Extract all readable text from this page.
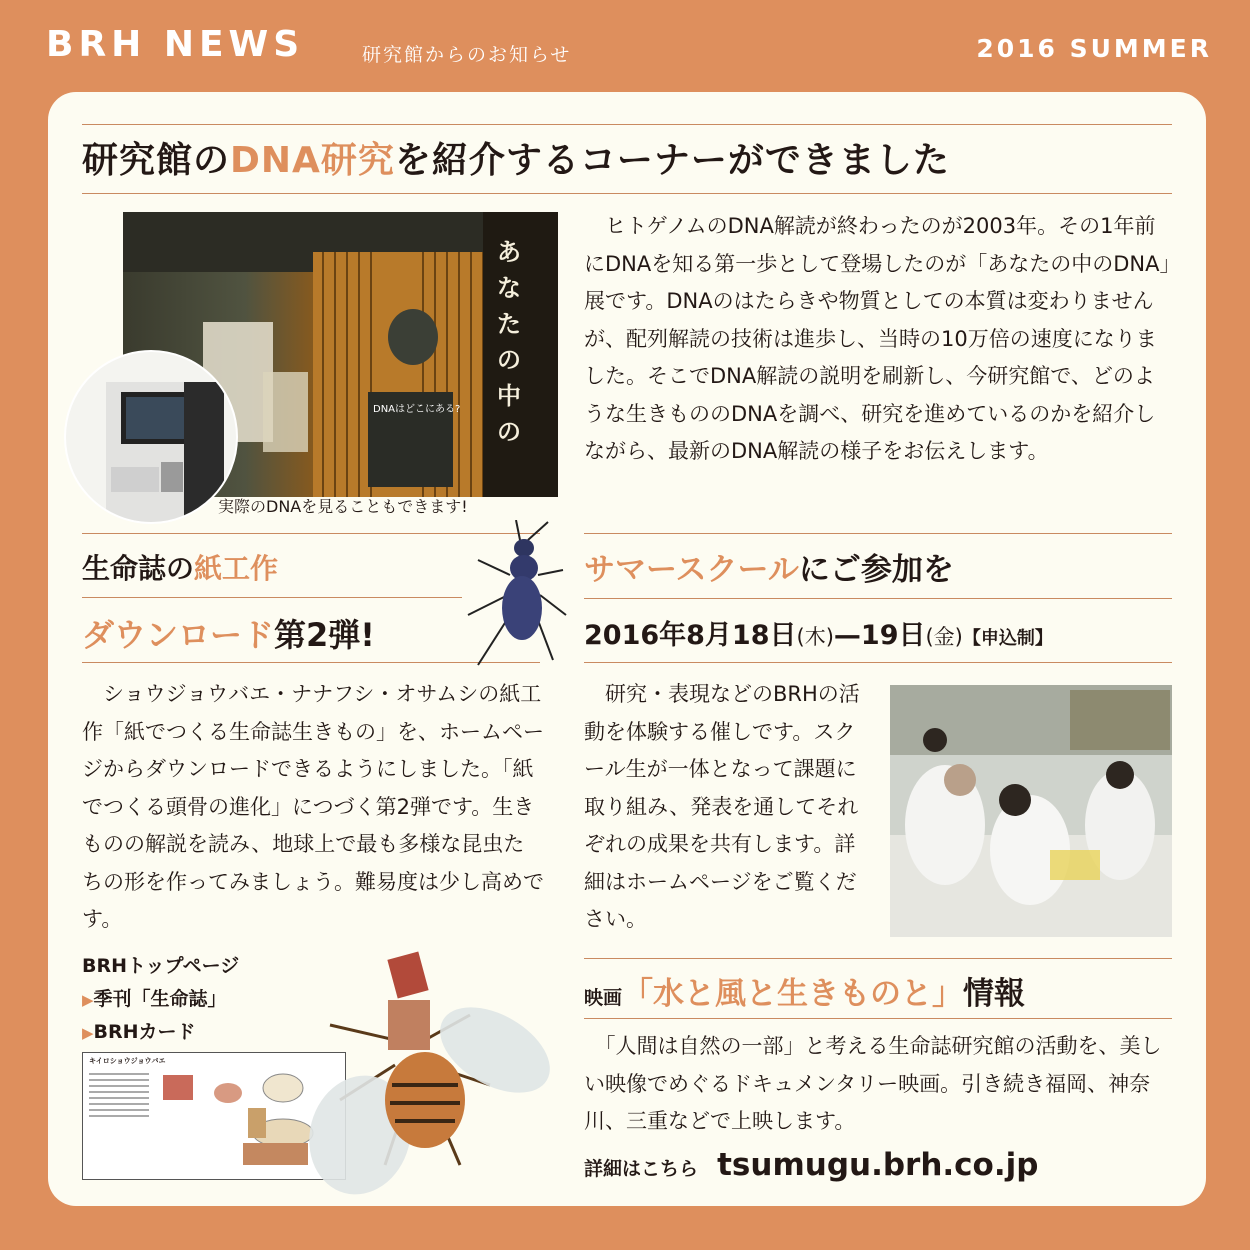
BRH NEWS	研究館からのお知らせ	2016 SUMMER
研究館のDNA研究を紹介するコーナーができました
あなたの中の
DNAはどこにある?
実際のDNAを見ることもできます!
　ヒトゲノムのDNA解読が終わったのが2003年。その1年前にDNAを知る第一歩として登場したのが「あなたの中のDNA」展です。DNAのはたらきや物質としての本質は変わりませんが、配列解読の技術は進歩し、当時の10万倍の速度になりました。そこでDNA解読の説明を刷新し、今研究館で、どのような生きもののDNAを調べ、研究を進めているのかを紹介しながら、最新のDNA解読の様子をお伝えします。
生命誌の紙工作
ダウンロード第2弾!
　ショウジョウバエ・ナナフシ・オサムシの紙工作「紙でつくる生命誌生きもの」を、ホームページからダウンロードできるようにしました。「紙でつくる頭骨の進化」につづく第2弾です。生きものの解説を読み、地球上で最も多様な昆虫たちの形を作ってみましょう。難易度は少し高めです。
BRHトップページ
▶季刊「生命誌」
▶BRHカード
キイロショウジョウバエ
サマースクールにご参加を
2016年8月18日(木)—19日(金)【申込制】
　研究・表現などのBRHの活動を体験する催しです。スクール生が一体となって課題に取り組み、発表を通してそれぞれの成果を共有します。詳細はホームページをご覧ください。
映画「水と風と生きものと」情報
　「人間は自然の一部」と考える生命誌研究館の活動を、美しい映像でめぐるドキュメンタリー映画。引き続き福岡、神奈川、三重などで上映します。
詳細はこちら tsumugu.brh.co.jp
